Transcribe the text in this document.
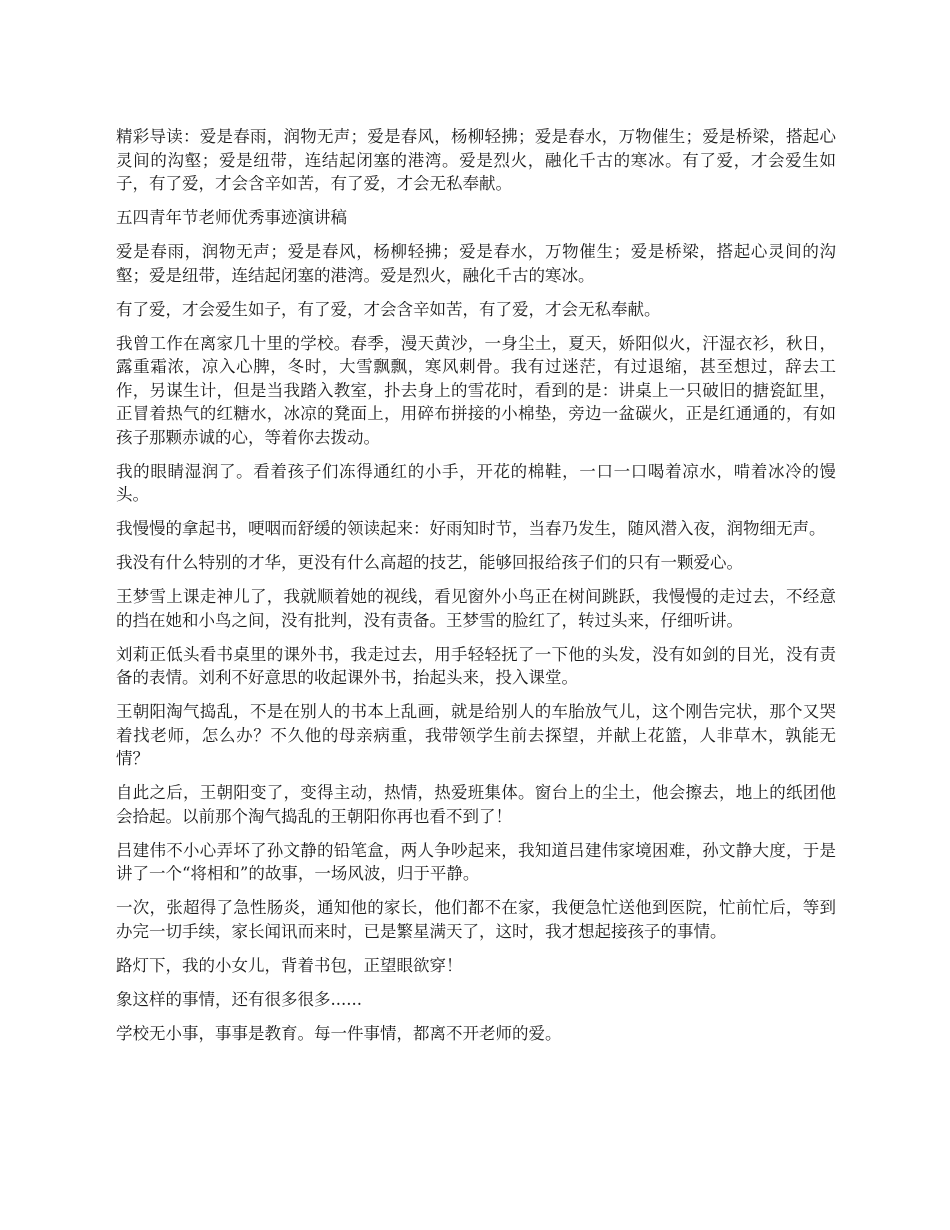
精彩导读：爱是春雨，润物无声；爱是春风，杨柳轻拂；爱是春水，万物催生；爱是桥梁，搭起心灵间的沟壑；爱是纽带，连结起闭塞的港湾。爱是烈火，融化千古的寒冰。有了爱，才会爱生如子，有了爱，才会含辛如苦，有了爱，才会无私奉献。

五四青年节老师优秀事迹演讲稿

爱是春雨，润物无声；爱是春风，杨柳轻拂；爱是春水，万物催生；爱是桥梁，搭起心灵间的沟壑；爱是纽带，连结起闭塞的港湾。爱是烈火，融化千古的寒冰。

有了爱，才会爱生如子，有了爱，才会含辛如苦，有了爱，才会无私奉献。

我曾工作在离家几十里的学校。春季，漫天黄沙，一身尘土，夏天，娇阳似火，汗湿衣衫，秋日，露重霜浓，凉入心脾，冬时，大雪飘飘，寒风刺骨。我有过迷茫，有过退缩，甚至想过，辞去工作，另谋生计，但是当我踏入教室，扑去身上的雪花时，看到的是：讲桌上一只破旧的搪瓷缸里，正冒着热气的红糖水，冰凉的凳面上，用碎布拼接的小棉垫，旁边一盆碳火，正是红通通的，有如孩子那颗赤诚的心，等着你去拨动。

我的眼睛湿润了。看着孩子们冻得通红的小手，开花的棉鞋，一口一口喝着凉水，啃着冰冷的馒头。

我慢慢的拿起书，哽咽而舒缓的领读起来：好雨知时节，当春乃发生，随风潜入夜，润物细无声。

我没有什么特别的才华，更没有什么高超的技艺，能够回报给孩子们的只有一颗爱心。

王梦雪上课走神儿了，我就顺着她的视线，看见窗外小鸟正在树间跳跃，我慢慢的走过去，不经意的挡在她和小鸟之间，没有批判，没有责备。王梦雪的脸红了，转过头来，仔细听讲。

刘莉正低头看书桌里的课外书，我走过去，用手轻轻抚了一下他的头发，没有如剑的目光，没有责备的表情。刘利不好意思的收起课外书，抬起头来，投入课堂。

王朝阳淘气捣乱，不是在别人的书本上乱画，就是给别人的车胎放气儿，这个刚告完状，那个又哭着找老师，怎么办？不久他的母亲病重，我带领学生前去探望，并献上花篮，人非草木，孰能无情？

自此之后，王朝阳变了，变得主动，热情，热爱班集体。窗台上的尘土，他会擦去，地上的纸团他会拾起。以前那个淘气捣乱的王朝阳你再也看不到了！

吕建伟不小心弄坏了孙文静的铅笔盒，两人争吵起来，我知道吕建伟家境困难，孙文静大度，于是讲了一个“将相和”的故事，一场风波，归于平静。

一次，张超得了急性肠炎，通知他的家长，他们都不在家，我便急忙送他到医院，忙前忙后，等到办完一切手续，家长闻讯而来时，已是繁星满天了，这时，我才想起接孩子的事情。

路灯下，我的小女儿，背着书包，正望眼欲穿！

象这样的事情，还有很多很多......

学校无小事，事事是教育。每一件事情，都离不开老师的爱。
